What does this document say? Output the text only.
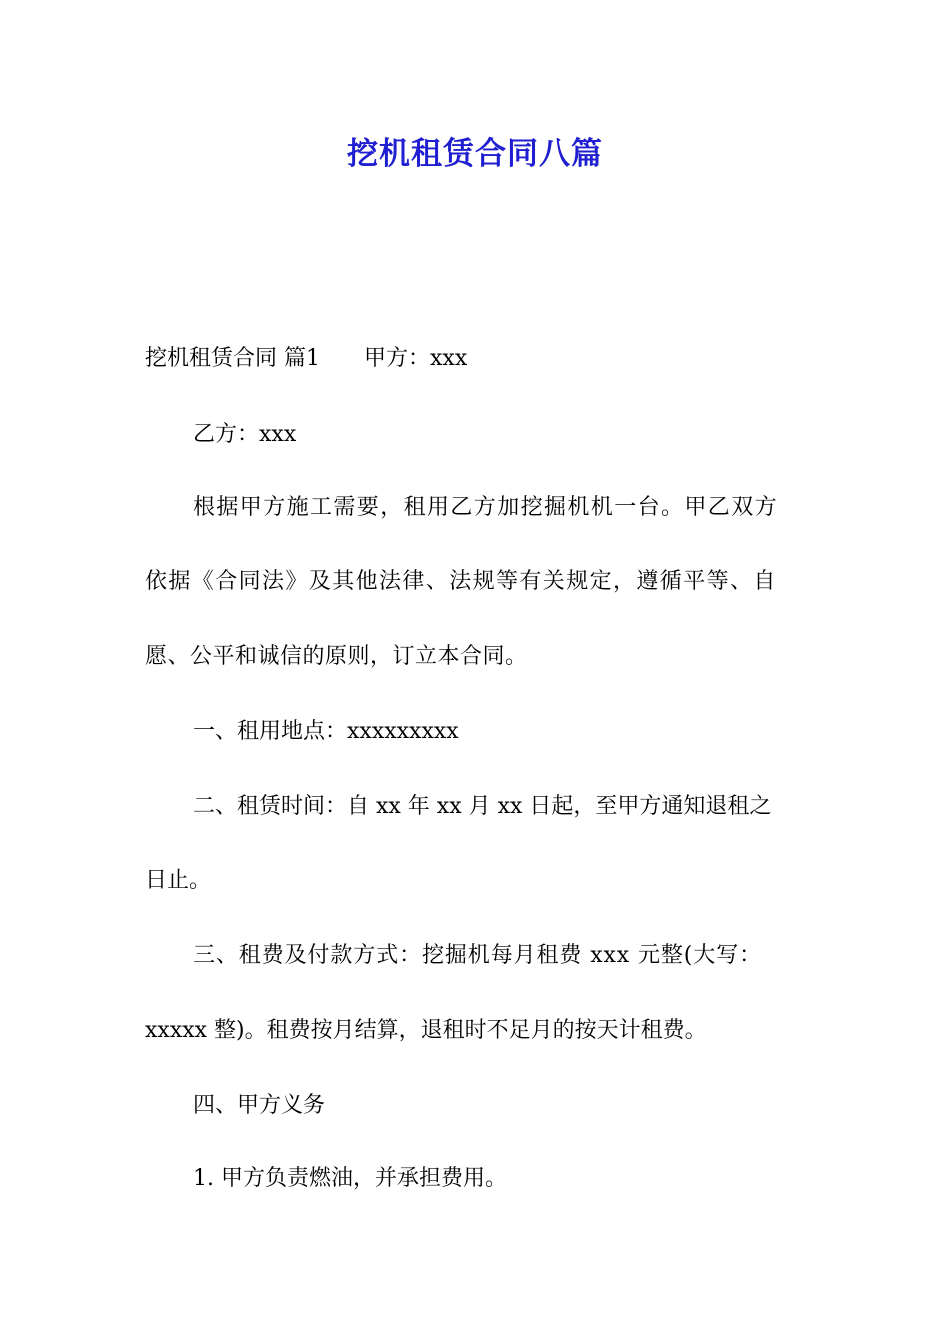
挖机租赁合同八篇

挖机租赁合同 篇1 甲方：xxx

乙方：xxx

根据甲方施工需要，租用乙方加挖掘机机一台。甲乙双方

依据《合同法》及其他法律、法规等有关规定，遵循平等、自

愿、公平和诚信的原则，订立本合同。

一、租用地点：xxxxxxxxx

二、租赁时间：自 xx 年 xx 月 xx 日起，至甲方通知退租之

日止。

三、租费及付款方式：挖掘机每月租费 xxx 元整(大写：

xxxxx 整)。租费按月结算，退租时不足月的按天计租费。

四、甲方义务

1. 甲方负责燃油，并承担费用。
